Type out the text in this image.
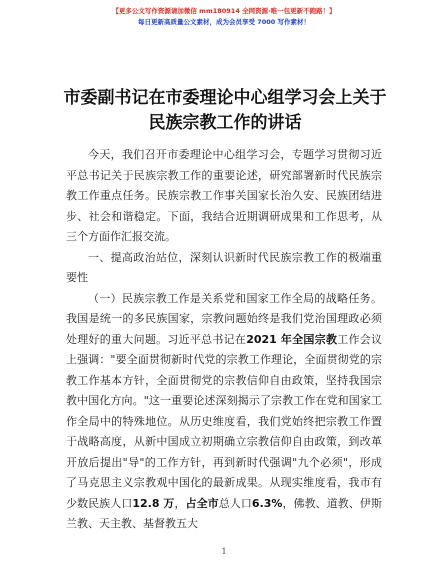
【更多公文写作资源请加微信 mm180914 全网资源·唯一包更新不跑路！】
每日更新高质量公文素材，成为会员享受 7000 写作素材！
市委副书记在市委理论中心组学习会上关于民族宗教工作的讲话

今天，我们召开市委理论中心组学习会，专题学习贯彻习近平总书记关于民族宗教工作的重要论述，研究部署新时代民族宗教工作重点任务。民族宗教工作事关国家长治久安、民族团结进步、社会和谐稳定。下面，我结合近期调研成果和工作思考，从三个方面作汇报交流。

一、提高政治站位，深刻认识新时代民族宗教工作的极端重要性

（一）民族宗教工作是关系党和国家工作全局的战略任务。我国是统一的多民族国家，宗教问题始终是我们党治国理政必须处理好的重大问题。习近平总书记在2021 年全国宗教工作会议上强调："要全面贯彻新时代党的宗教工作理论，全面贯彻党的宗教工作基本方针，全面贯彻党的宗教信仰自由政策，坚持我国宗教中国化方向。"这一重要论述深刻揭示了宗教工作在党和国家工作全局中的特殊地位。从历史维度看，我们党始终把宗教工作置于战略高度，从新中国成立初期确立宗教信仰自由政策，到改革开放后提出"导"的工作方针，再到新时代强调"九个必须"，形成了马克思主义宗教观中国化的最新成果。从现实维度看，我市有少数民族人口12.8 万，占全市总人口6.3%，佛教、道教、伊斯兰教、天主教、基督教五大

1
